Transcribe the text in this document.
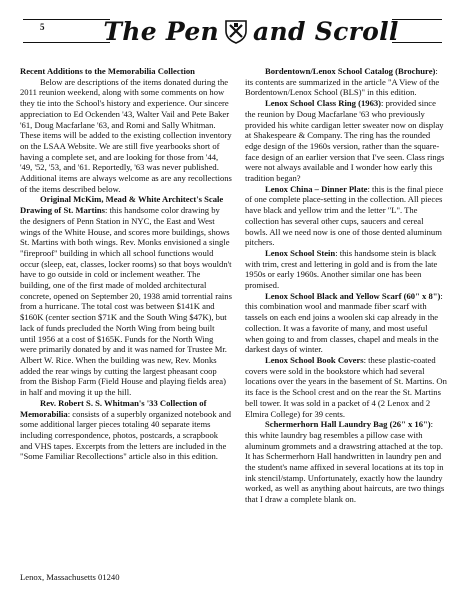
5 The Pen and Scroll

Recent Additions to the Memorabilia Collection

Below are descriptions of the items donated during the 2011 reunion weekend, along with some comments on how they tie into the School's history and experience. Our sincere appreciation to Ed Ockenden '43, Walter Vail and Pete Baker '61, Doug Macfarlane '63, and Romi and Sally Whitman. These items will be added to the existing collection inventory on the LSAA Website. We are still five yearbooks short of having a complete set, and are looking for those from '44, '49, '52, '53, and '61. Reportedly, '63 was never published. Additional items are always welcome as are any recollections of the items described below.

Original McKim, Mead & White Architect's Scale Drawing of St. Martins: this handsome color drawing by the designers of Penn Station in NYC, the East and West wings of the White House, and scores more buildings, shows St. Martins with both wings. Rev. Monks envisioned a single "fireproof" building in which all school functions would occur (sleep, eat, classes, locker rooms) so that boys wouldn't have to go outside in cold or inclement weather. The building, one of the first made of molded architectural concrete, opened on September 20, 1938 amid torrential rains from a hurricane. The total cost was between $141K and $160K (center section $71K and the South Wing $47K), but lack of funds precluded the North Wing from being built until 1956 at a cost of $165K. Funds for the North Wing were primarily donated by and it was named for Trustee Mr. Albert W. Rice. When the building was new, Rev. Monks added the rear wings by cutting the largest pheasant coop from the Bishop Farm (Field House and playing fields area) in half and moving it up the hill.

Rev. Robert S. S. Whitman's '33 Collection of Memorabilia: consists of a superbly organized notebook and some additional larger pieces totaling 40 separate items including correspondence, photos, postcards, a scrapbook and VHS tapes. Excerpts from the letters are included in the "Some Familiar Recollections" article also in this edition.

Bordentown/Lenox School Catalog (Brochure): its contents are summarized in the article "A View of the Bordentown/Lenox School (BLS)" in this edition.

Lenox School Class Ring (1963): provided since the reunion by Doug Macfarlane '63 who previously provided his white cardigan letter sweater now on display at Shakespeare & Company. The ring has the rounded edge design of the 1960s version, rather than the square-face design of an earlier version that I've seen. Class rings were not always available and I wonder how early this tradition began?

Lenox China – Dinner Plate: this is the final piece of one complete place-setting in the collection. All pieces have black and yellow trim and the letter "L". The collection has several other cups, saucers and cereal bowls. All we need now is one of those dented aluminum pitchers.

Lenox School Stein: this handsome stein is black with trim, crest and lettering in gold and is from the late 1950s or early 1960s. Another similar one has been promised.

Lenox School Black and Yellow Scarf (60" x 8"): this combination wool and manmade fiber scarf with tassels on each end joins a woolen ski cap already in the collection. It was a favorite of many, and most useful when going to and from classes, chapel and meals in the darkest days of winter.

Lenox School Book Covers: these plastic-coated covers were sold in the bookstore which had several locations over the years in the basement of St. Martins. On its face is the School crest and on the rear the St. Martins bell tower. It was sold in a packet of 4 (2 Lenox and 2 Elmira College) for 39 cents.

Schermerhorn Hall Laundry Bag (26" x 16"): this white laundry bag resembles a pillow case with aluminum grommets and a drawstring attached at the top. It has Schermerhorn Hall handwritten in laundry pen and the student's name affixed in several locations at its top in ink stencil/stamp. Unfortunately, exactly how the laundry worked, as well as anything about haircuts, are two things that I draw a complete blank on.

Lenox, Massachusetts 01240
